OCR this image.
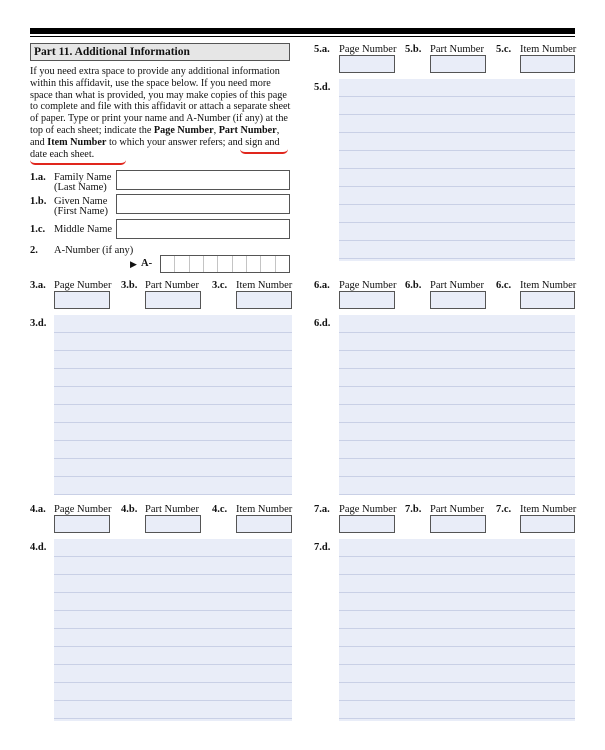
Part 11. Additional Information
If you need extra space to provide any additional information
within this affidavit, use the space below. If you need more
space than what is provided, you may make copies of this page
to complete and file with this affidavit or attach a separate sheet
of paper. Type or print your name and A-Number (if any) at the
top of each sheet; indicate the Page Number, Part Number,
and Item Number to which your answer refers; and sign and
date each sheet.
1.a. Family Name
(Last Name)
1.b. Given Name
(First Name)
1.c. Middle Name
2. A-Number (if any)
▶ A-
3.a. Page Number 3.b. Part Number 3.c. Item Number
3.d.
4.a. Page Number 4.b. Part Number 4.c. Item Number
4.d.
5.a. Page Number 5.b. Part Number 5.c. Item Number
5.d.
6.a. Page Number 6.b. Part Number 6.c. Item Number
6.d.
7.a. Page Number 7.b. Part Number 7.c. Item Number
7.d.
